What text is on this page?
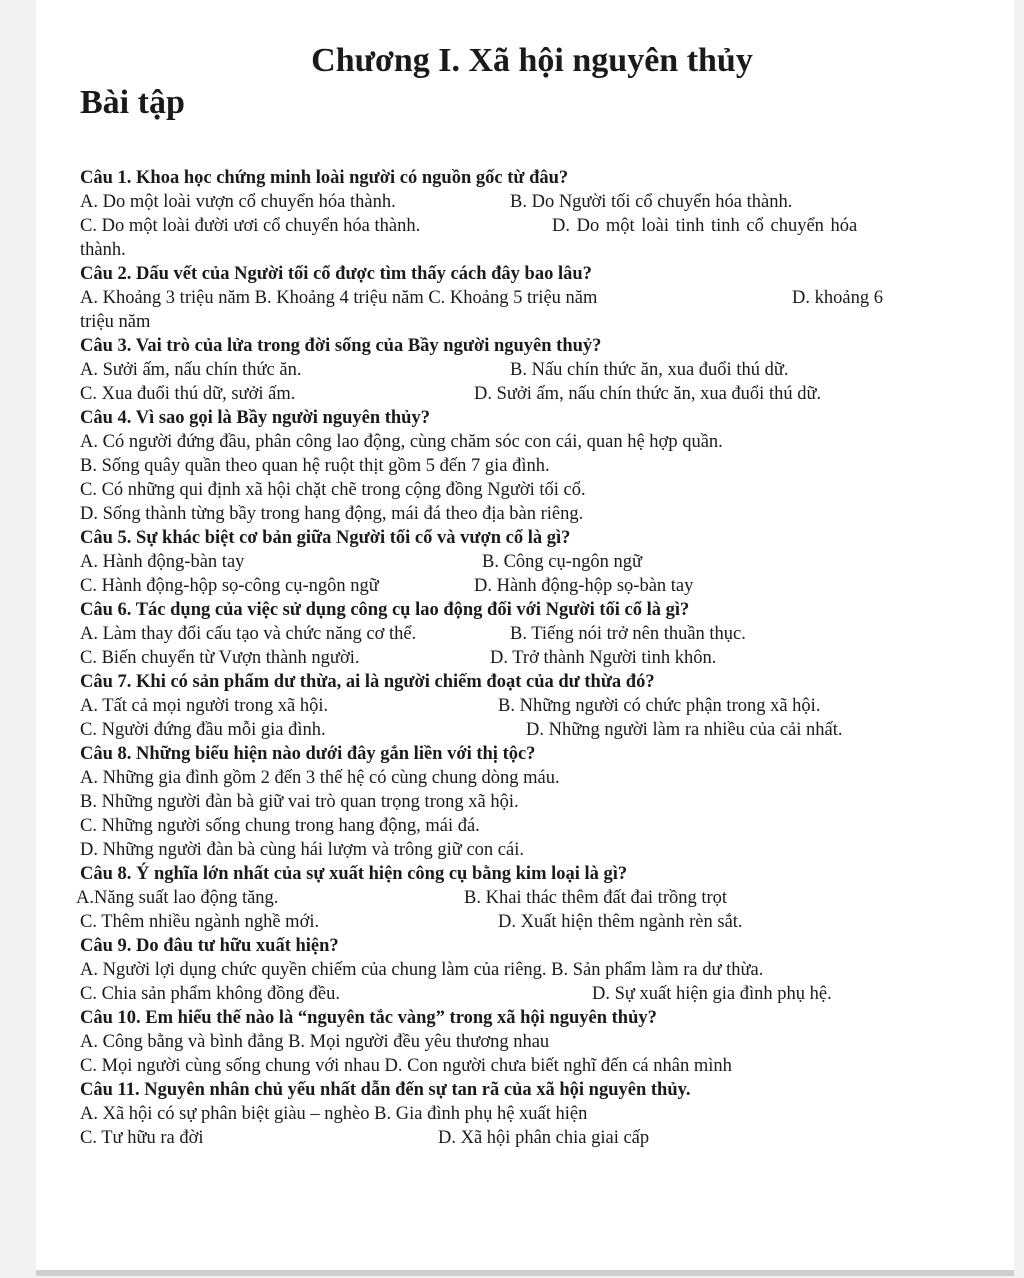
Chương I. Xã hội nguyên thủy
Bài tập
Câu 1. Khoa học chứng minh loài người có nguồn gốc từ đâu?
A. Do một loài vượn cổ chuyển hóa thành.	B. Do Người tối cổ chuyển hóa thành.
C. Do một loài đười ươi cổ chuyển hóa thành.	D. Do một loài tinh tinh cổ chuyển hóa
thành.
Câu 2. Dấu vết của Người tối cổ được tìm thấy cách đây bao lâu?
A. Khoảng 3 triệu năm B. Khoảng 4 triệu năm C. Khoảng 5 triệu năm	D. khoảng 6
triệu năm
Câu 3. Vai trò của lửa trong đời sống của Bầy người nguyên thuỷ?
A. Sưởi ấm, nấu chín thức ăn.	B. Nấu chín thức ăn, xua đuổi thú dữ.
C. Xua đuổi thú dữ, sưởi ấm.	D. Sưởi ấm, nấu chín thức ăn, xua đuổi thú dữ.
Câu 4. Vì sao gọi là Bầy người nguyên thủy?
A. Có người đứng đầu, phân công lao động, cùng chăm sóc con cái, quan hệ hợp quần.
B. Sống quây quần theo quan hệ ruột thịt gồm 5 đến 7 gia đình.
C. Có những qui định xã hội chặt chẽ trong cộng đồng Người tối cổ.
D. Sống thành từng bầy trong hang động, mái đá theo địa bàn riêng.
Câu 5. Sự khác biệt cơ bản giữa Người tối cổ và vượn cổ là gì?
A. Hành động-bàn tay	B. Công cụ-ngôn ngữ
C. Hành động-hộp sọ-công cụ-ngôn ngữ	D. Hành động-hộp sọ-bàn tay
Câu 6. Tác dụng của việc sử dụng công cụ lao động đối với Người tối cổ là gì?
A. Làm thay đổi cấu tạo và chức năng cơ thể.	B. Tiếng nói trở nên thuần thục.
C. Biến chuyển từ Vượn thành người.	D. Trở thành Người tinh khôn.
Câu 7. Khi có sản phẩm dư thừa, ai là người chiếm đoạt của dư thừa đó?
A. Tất cả mọi người trong xã hội.	B. Những người có chức phận trong xã hội.
C. Người đứng đầu mỗi gia đình.	D. Những người làm ra nhiều của cải nhất.
Câu 8. Những biểu hiện nào dưới đây gắn liền với thị tộc?
A. Những gia đình gồm 2 đến 3 thế hệ có cùng chung dòng máu.
B. Những người đàn bà giữ vai trò quan trọng trong xã hội.
C. Những người sống chung trong hang động, mái đá.
D. Những người đàn bà cùng hái lượm và trông giữ con cái.
Câu 8. Ý nghĩa lớn nhất của sự xuất hiện công cụ bằng kim loại là gì?
A.Năng suất lao động tăng.	B. Khai thác thêm đất đai trồng trọt
C. Thêm nhiều ngành nghề mới.	D. Xuất hiện thêm ngành rèn sắt.
Câu 9. Do đâu tư hữu xuất hiện?
A. Người lợi dụng chức quyền chiếm của chung làm của riêng. B. Sản phẩm làm ra dư thừa.
C. Chia sản phẩm không đồng đều.	D. Sự xuất hiện gia đình phụ hệ.
Câu 10. Em hiểu thế nào là “nguyên tắc vàng” trong xã hội nguyên thủy?
A. Công bằng và bình đẳng B. Mọi người đều yêu thương nhau
C. Mọi người cùng sống chung với nhau D. Con người chưa biết nghĩ đến cá nhân mình
Câu 11. Nguyên nhân chủ yếu nhất dẫn đến sự tan rã của xã hội nguyên thủy.
A. Xã hội có sự phân biệt giàu – nghèo B. Gia đình phụ hệ xuất hiện
C. Tư hữu ra đời	D. Xã hội phân chia giai cấp
